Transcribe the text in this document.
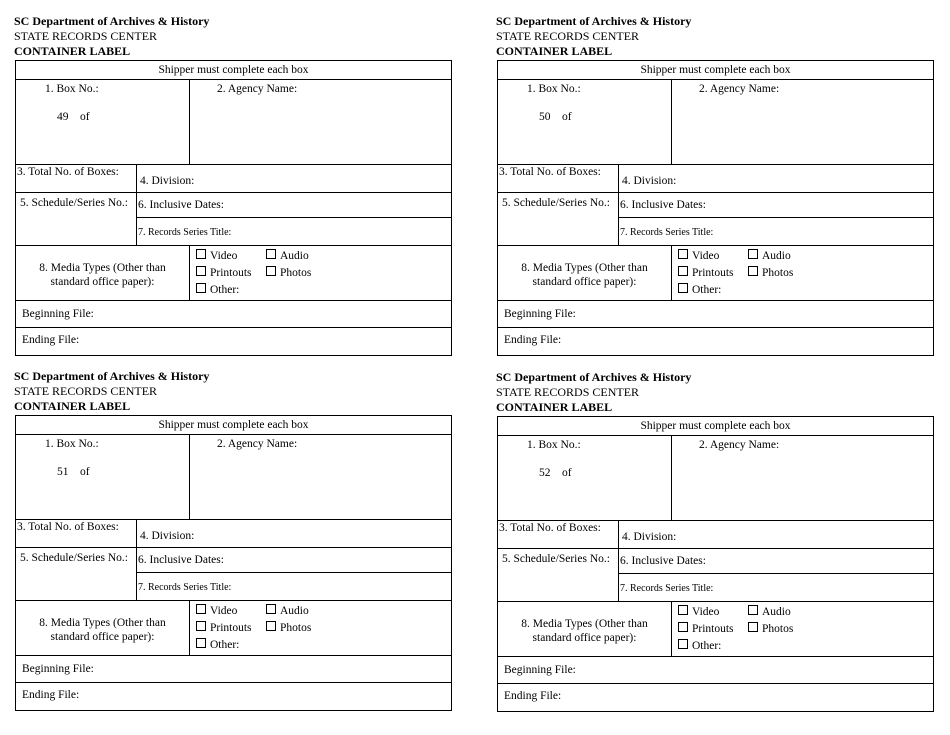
SC Department of Archives & History
STATE RECORDS CENTER
CONTAINER LABEL
Shipper must complete each box
1. Box No.:
49 of
2. Agency Name:
3. Total No. of Boxes:
4. Division:
5. Schedule/Series No.: 6. Inclusive Dates:
7. Records Series Title:
8. Media Types (Other than
standard office paper):
Video	Audio
Printouts	Photos
Other:
Beginning File:
Ending File:
SC Department of Archives & History
STATE RECORDS CENTER
CONTAINER LABEL
Shipper must complete each box
1. Box No.:
50 of
2. Agency Name:
3. Total No. of Boxes:
4. Division:
5. Schedule/Series No.: 6. Inclusive Dates:
7. Records Series Title:
8. Media Types (Other than
standard office paper):
Video	Audio
Printouts	Photos
Other:
Beginning File:
Ending File:
SC Department of Archives & History
STATE RECORDS CENTER
CONTAINER LABEL
Shipper must complete each box
1. Box No.:
51 of
2. Agency Name:
3. Total No. of Boxes:
4. Division:
5. Schedule/Series No.: 6. Inclusive Dates:
7. Records Series Title:
8. Media Types (Other than
standard office paper):
Video	Audio
Printouts	Photos
Other:
Beginning File:
Ending File:
SC Department of Archives & History
STATE RECORDS CENTER
CONTAINER LABEL
Shipper must complete each box
1. Box No.:
52 of
2. Agency Name:
3. Total No. of Boxes:
4. Division:
5. Schedule/Series No.: 6. Inclusive Dates:
7. Records Series Title:
8. Media Types (Other than
standard office paper):
Video	Audio
Printouts	Photos
Other:
Beginning File:
Ending File:
